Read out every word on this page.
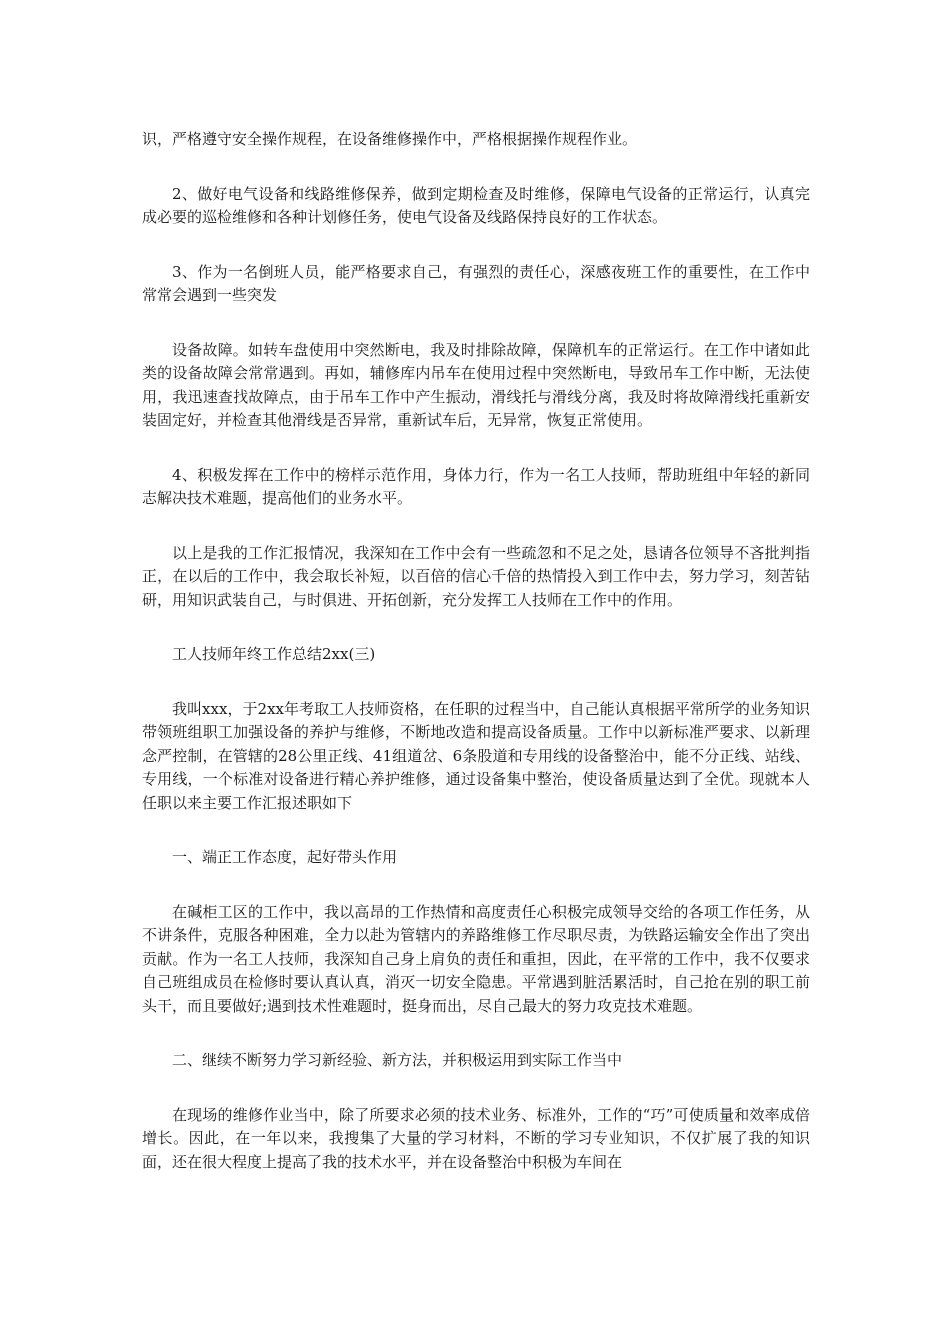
识，严格遵守安全操作规程，在设备维修操作中，严格根据操作规程作业。

2、做好电气设备和线路维修保养，做到定期检查及时维修，保障电气设备的正常运行，认真完成必要的巡检维修和各种计划修任务，使电气设备及线路保持良好的工作状态。

3、作为一名倒班人员，能严格要求自己，有强烈的责任心，深感夜班工作的重要性，在工作中常常会遇到一些突发

设备故障。如转车盘使用中突然断电，我及时排除故障，保障机车的正常运行。在工作中诸如此类的设备故障会常常遇到。再如，辅修库内吊车在使用过程中突然断电，导致吊车工作中断，无法使用，我迅速查找故障点，由于吊车工作中产生振动，滑线托与滑线分离，我及时将故障滑线托重新安装固定好，并检查其他滑线是否异常，重新试车后，无异常，恢复正常使用。

4、积极发挥在工作中的榜样示范作用，身体力行，作为一名工人技师，帮助班组中年轻的新同志解决技术难题，提高他们的业务水平。

以上是我的工作汇报情况，我深知在工作中会有一些疏忽和不足之处，恳请各位领导不吝批判指正，在以后的工作中，我会取长补短，以百倍的信心千倍的热情投入到工作中去，努力学习，刻苦钻研，用知识武装自己，与时俱进、开拓创新，充分发挥工人技师在工作中的作用。

工人技师年终工作总结2xx(三)

我叫xxx，于2xx年考取工人技师资格，在任职的过程当中，自己能认真根据平常所学的业务知识带领班组职工加强设备的养护与维修，不断地改造和提高设备质量。工作中以新标准严要求、以新理念严控制，在管辖的28公里正线、41组道岔、6条股道和专用线的设备整治中，能不分正线、站线、专用线，一个标准对设备进行精心养护维修，通过设备集中整治，使设备质量达到了全优。现就本人任职以来主要工作汇报述职如下

一、端正工作态度，起好带头作用

在碱柜工区的工作中，我以高昂的工作热情和高度责任心积极完成领导交给的各项工作任务，从不讲条件，克服各种困难，全力以赴为管辖内的养路维修工作尽职尽责，为铁路运输安全作出了突出贡献。作为一名工人技师，我深知自己身上肩负的责任和重担，因此，在平常的工作中，我不仅要求自己班组成员在检修时要认真认真，消灭一切安全隐患。平常遇到脏活累活时，自己抢在别的职工前头干，而且要做好;遇到技术性难题时，挺身而出，尽自己最大的努力攻克技术难题。

二、继续不断努力学习新经验、新方法，并积极运用到实际工作当中

在现场的维修作业当中，除了所要求必须的技术业务、标准外，工作的“巧”可使质量和效率成倍增长。因此，在一年以来，我搜集了大量的学习材料，不断的学习专业知识，不仅扩展了我的知识面，还在很大程度上提高了我的技术水平，并在设备整治中积极为车间在
